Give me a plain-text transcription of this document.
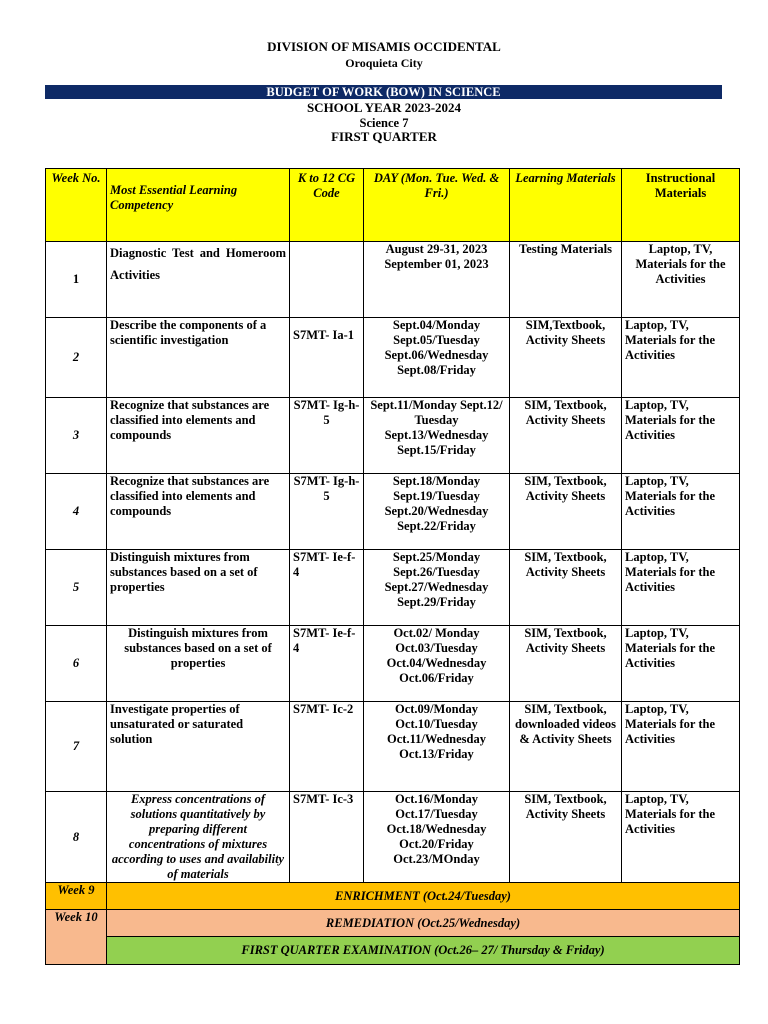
DIVISION OF MISAMIS OCCIDENTAL
Oroquieta City
BUDGET OF WORK (BOW) IN SCIENCE
SCHOOL YEAR 2023-2024
Science 7
FIRST QUARTER
Week No.	Most Essential Learning Competency	K to 12 CG Code	DAY (Mon. Tue. Wed. & Fri.)	Learning Materials	Instructional Materials
1	Diagnostic Test and Homeroom Activities		August 29-31, 2023 September 01, 2023	Testing Materials	Laptop, TV, Materials for the Activities
2	Describe the components of a scientific investigation	S7MT- Ia-1	Sept.04/Monday Sept.05/Tuesday Sept.06/Wednesday Sept.08/Friday	SIM,Textbook, Activity Sheets	Laptop, TV, Materials for the Activities
3	Recognize that substances are classified into elements and compounds	S7MT- Ig-h-5	Sept.11/Monday Sept.12/ Tuesday Sept.13/Wednesday Sept.15/Friday	SIM, Textbook, Activity Sheets	Laptop, TV, Materials for the Activities
4	Recognize that substances are classified into elements and compounds	S7MT- Ig-h-5	Sept.18/Monday Sept.19/Tuesday Sept.20/Wednesday Sept.22/Friday	SIM, Textbook, Activity Sheets	Laptop, TV, Materials for the Activities
5	Distinguish mixtures from substances based on a set of properties	S7MT- Ie-f-4	Sept.25/Monday Sept.26/Tuesday Sept.27/Wednesday Sept.29/Friday	SIM, Textbook, Activity Sheets	Laptop, TV, Materials for the Activities
6	Distinguish mixtures from substances based on a set of properties	S7MT- Ie-f-4	Oct.02/ Monday Oct.03/Tuesday Oct.04/Wednesday Oct.06/Friday	SIM, Textbook, Activity Sheets	Laptop, TV, Materials for the Activities
7	Investigate properties of unsaturated or saturated solution	S7MT- Ic-2	Oct.09/Monday Oct.10/Tuesday Oct.11/Wednesday Oct.13/Friday	SIM, Textbook, downloaded videos & Activity Sheets	Laptop, TV, Materials for the Activities
8	Express concentrations of solutions quantitatively by preparing different concentrations of mixtures according to uses and availability of materials	S7MT- Ic-3	Oct.16/Monday Oct.17/Tuesday Oct.18/Wednesday Oct.20/Friday Oct.23/MOnday	SIM, Textbook, Activity Sheets	Laptop, TV, Materials for the Activities
Week 9	ENRICHMENT (Oct.24/Tuesday)				
Week 10	REMEDIATION (Oct.25/Wednesday)				
	FIRST QUARTER EXAMINATION (Oct.26– 27/ Thursday & Friday)				
